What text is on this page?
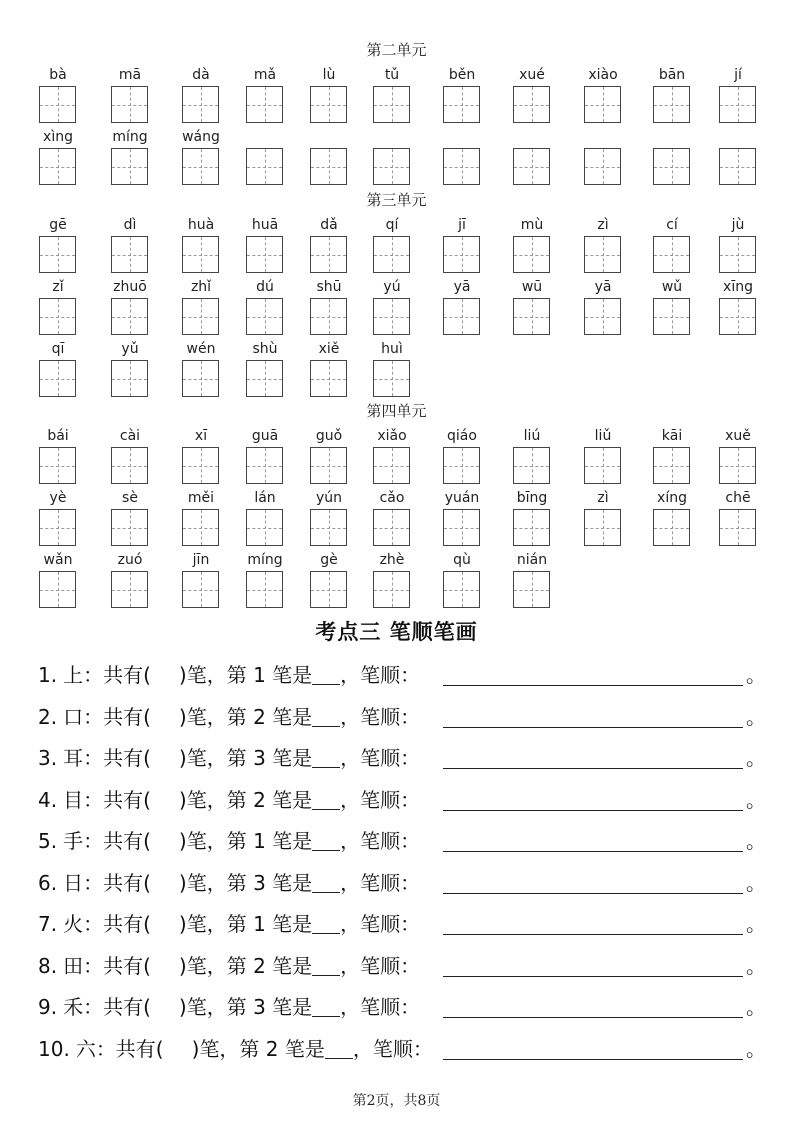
第二单元
bà	mā	dà	mǎ	lù	tǔ	běn	xué	xiào	bān	jí
xìng	míng	wáng
第三单元
gē	dì	huà	huā	dǎ	qí	jī	mù	zì	cí	jù
zǐ	zhuō	zhǐ	dú	shū	yú	yā	wū	yā	wǔ	xīng
qī	yǔ	wén	shù	xiě	huì
第四单元
bái	cài	xī	guā	guǒ	xiǎo	qiáo	liú	liǔ	kāi	xuě
yè	sè	měi	lán	yún	cǎo	yuán	bīng	zì	xíng	chē
wǎn	zuó	jīn	míng	gè	zhè	qù	nián
考点三 笔顺笔画
1. 上：共有( )笔，第 1 笔是 ，笔顺：	。
2. 口：共有( )笔，第 2 笔是 ，笔顺：	。
3. 耳：共有( )笔，第 3 笔是 ，笔顺：	。
4. 目：共有( )笔，第 2 笔是 ，笔顺：	。
5. 手：共有( )笔，第 1 笔是 ，笔顺：	。
6. 日：共有( )笔，第 3 笔是 ，笔顺：	。
7. 火：共有( )笔，第 1 笔是 ，笔顺：	。
8. 田：共有( )笔，第 2 笔是 ，笔顺：	。
9. 禾：共有( )笔，第 3 笔是 ，笔顺：	。
10. 六：共有( )笔，第 2 笔是 ，笔顺：	。
第2页，共8页
